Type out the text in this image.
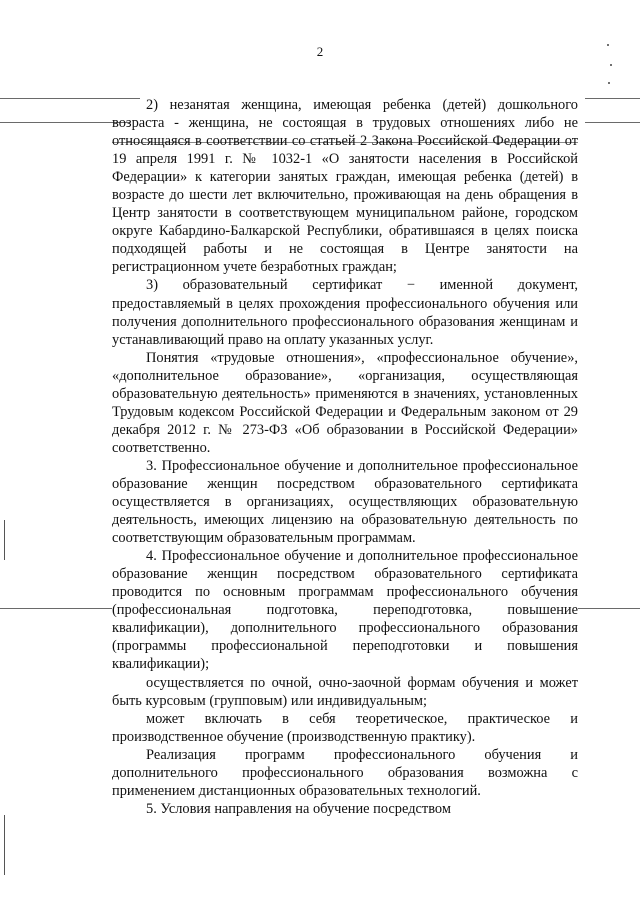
2

2) незанятая женщина, имеющая ребенка (детей) дошкольного возраста - женщина, не состоящая в трудовых отношениях либо не относящаяся в соответствии со статьей 2 Закона Российской Федерации от 19 апреля 1991 г. № 1032-1 «О занятости населения в Российской Федерации» к категории занятых граждан, имеющая ребенка (детей) в возрасте до шести лет включительно, проживающая на день обращения в Центр занятости в соответствующем муниципальном районе, городском округе Кабардино-Балкарской Республики, обратившаяся в целях поиска подходящей работы и не состоящая в Центре занятости на регистрационном учете безработных граждан;

3) образовательный сертификат − именной документ, предоставляемый в целях прохождения профессионального обучения или получения дополнительного профессионального образования женщинам и устанавливающий право на оплату указанных услуг.

Понятия «трудовые отношения», «профессиональное обучение», «дополнительное образование», «организация, осуществляющая образовательную деятельность» применяются в значениях, установленных Трудовым кодексом Российской Федерации и Федеральным законом от 29 декабря 2012 г. № 273-ФЗ «Об образовании в Российской Федерации» соответственно.

3. Профессиональное обучение и дополнительное профессиональное образование женщин посредством образовательного сертификата осуществляется в организациях, осуществляющих образовательную деятельность, имеющих лицензию на образовательную деятельность по соответствующим образовательным программам.

4. Профессиональное обучение и дополнительное профессиональное образование женщин посредством образовательного сертификата проводится по основным программам профессионального обучения (профессиональная подготовка, переподготовка, повышение квалификации), дополнительного профессионального образования (программы профессиональной переподготовки и повышения квалификации);

осуществляется по очной, очно-заочной формам обучения и может быть курсовым (групповым) или индивидуальным;

может включать в себя теоретическое, практическое и производственное обучение (производственную практику).

Реализация программ профессионального обучения и дополнительного профессионального образования возможна с применением дистанционных образовательных технологий.

5. Условия направления на обучение посредством
